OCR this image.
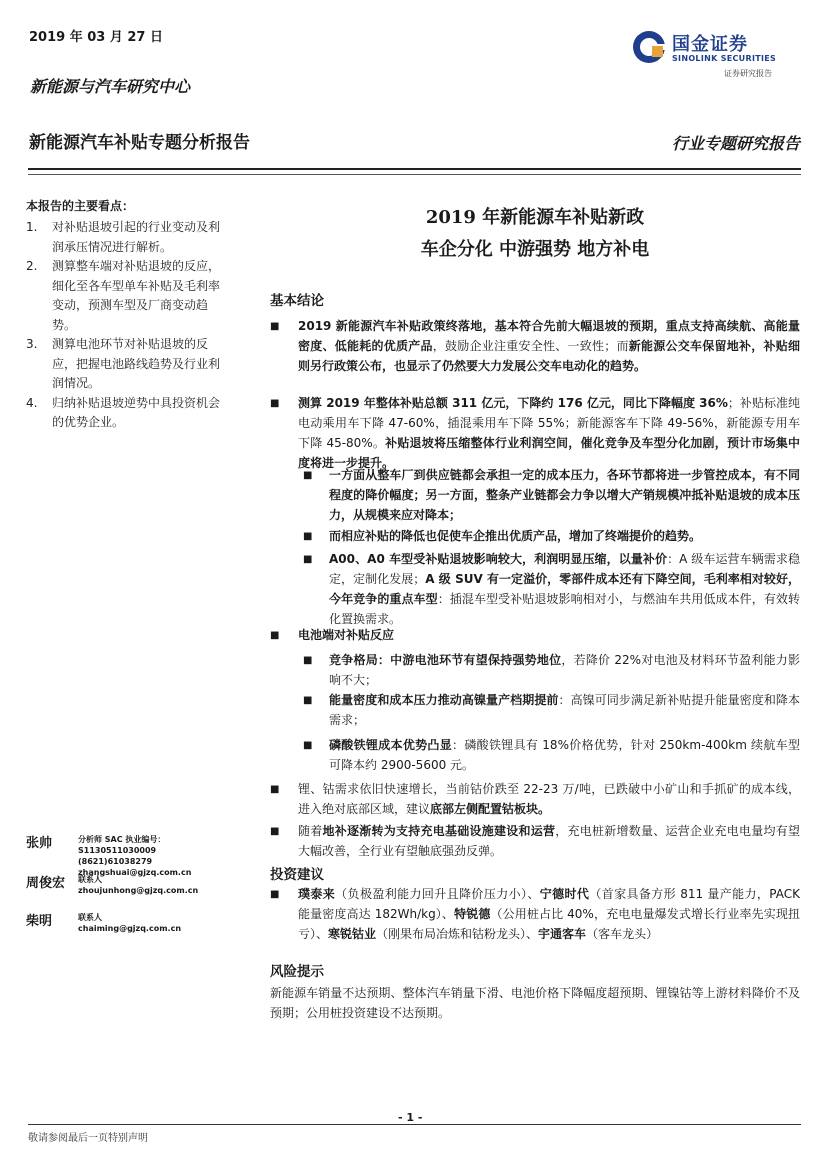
2019 年 03 月 27 日	国金证券
SINOLINK SECURITIES
证券研究报告
新能源与汽车研究中心
新能源汽车补贴专题分析报告	行业专题研究报告
本报告的主要看点：
1.	对补贴退坡引起的行业变动及利润承压情况进行解析。
2.	测算整车端对补贴退坡的反应，细化至各车型单车补贴及毛利率变动，预测车型及厂商变动趋势。
3.	测算电池环节对补贴退坡的反应，把握电池路线趋势及行业利润情况。
4.	归纳补贴退坡逆势中具投资机会的优势企业。
张帅	分析师 SAC 执业编号：S1130511030009
(8621)61038279
zhangshuai@gjzq.com.cn
周俊宏 联系人
zhoujunhong@gjzq.com.cn
柴明	联系人
chaiming@gjzq.com.cn
2019 年新能源车补贴新政
车企分化 中游强势 地方补电
基本结论
■	2019 新能源汽车补贴政策终落地，基本符合先前大幅退坡的预期，重点支持高续航、高能量密度、低能耗的优质产品，鼓励企业注重安全性、一致性；而新能源公交车保留地补，补贴细则另行政策公布，也显示了仍然要大力发展公交车电动化的趋势。
■	测算 2019 年整体补贴总额 311 亿元，下降约 176 亿元，同比下降幅度 36%；补贴标准纯电动乘用车下降 47-60%，插混乘用车下降 55%；新能源客车下降 49-56%，新能源专用车下降 45-80%。补贴退坡将压缩整体行业利润空间，催化竞争及车型分化加剧，预计市场集中度将进一步提升。
■	一方面从整车厂到供应链都会承担一定的成本压力，各环节都将进一步管控成本，有不同程度的降价幅度；另一方面，整条产业链都会力争以增大产销规模冲抵补贴退坡的成本压力，从规模来应对降本；
■	而相应补贴的降低也促使车企推出优质产品，增加了终端提价的趋势。
■	A00、A0 车型受补贴退坡影响较大，利润明显压缩，以量补价：A 级车运营车辆需求稳定，定制化发展；A 级 SUV 有一定溢价，零部件成本还有下降空间，毛利率相对较好，今年竞争的重点车型：插混车型受补贴退坡影响相对小，与燃油车共用低成本件，有效转化置换需求。
■	电池端对补贴反应
■	竞争格局：中游电池环节有望保持强势地位，若降价 22%对电池及材料环节盈利能力影响不大；
■	能量密度和成本压力推动高镍量产档期提前：高镍可同步满足新补贴提升能量密度和降本需求；
■	磷酸铁锂成本优势凸显：磷酸铁锂具有 18%价格优势，针对 250km-400km 续航车型可降本约 2900-5600 元。
■	锂、钴需求依旧快速增长，当前钴价跌至 22-23 万/吨，已跌破中小矿山和手抓矿的成本线，进入绝对底部区域，建议底部左侧配置钴板块。
■	随着地补逐渐转为支持充电基础设施建设和运营，充电桩新增数量、运营企业充电电量均有望大幅改善，全行业有望触底强劲反弹。
投资建议
■	璞泰来（负极盈利能力回升且降价压力小）、宁德时代（首家具备方形 811 量产能力，PACK 能量密度高达 182Wh/kg）、特锐德（公用桩占比 40%，充电电量爆发式增长行业率先实现扭亏）、寒锐钴业（刚果布局冶炼和钴粉龙头）、宇通客车（客车龙头）
风险提示
新能源车销量不达预期、整体汽车销量下滑、电池价格下降幅度超预期、锂镍钴等上游材料降价不及预期；公用桩投资建设不达预期。
- 1 -
敬请参阅最后一页特别声明
